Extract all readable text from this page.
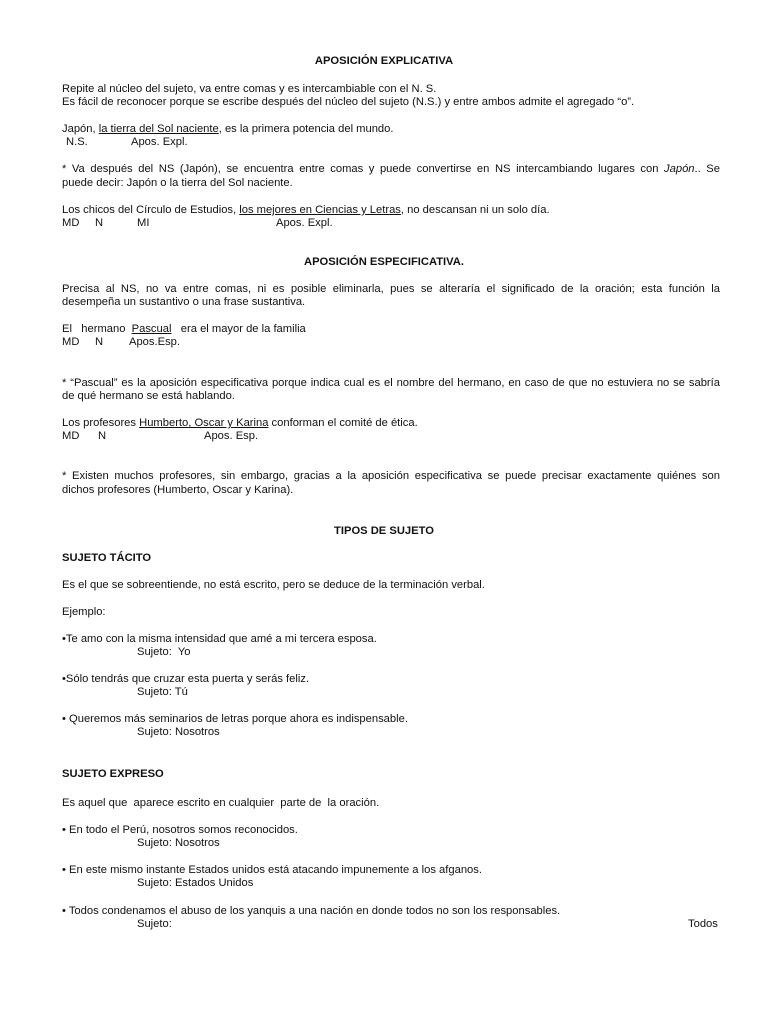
APOSICIÓN EXPLICATIVA
Repite al núcleo del sujeto, va entre comas y es intercambiable con el N. S.
Es fácil de reconocer porque se escribe después del núcleo del sujeto (N.S.) y entre ambos admite el agregado “o”.
Japón, la tierra del Sol naciente, es la primera potencia del mundo.
N.S.	Apos. Expl.
* Va después del NS (Japón), se encuentra entre comas y puede convertirse en NS intercambiando lugares con Japón.. Se
puede decir: Japón o la tierra del Sol naciente.
Los chicos del Círculo de Estudios, los mejores en Ciencias y Letras, no descansan ni un solo día.
MD N	MI	Apos. Expl.
APOSICIÓN ESPECIFICATIVA.
Precisa al NS, no va entre comas, ni es posible eliminarla, pues se alteraría el significado de la oración; esta función la
desempeña un sustantivo o una frase sustantiva.
El   hermano  Pascual   era el mayor de la familia
MD N Apos.Esp.
* “Pascual” es la aposición especificativa porque indica cual es el nombre del hermano, en caso de que no estuviera no se sabría
de qué hermano se está hablando.
Los profesores Humberto, Oscar y Karina conforman el comité de ética.
MD N	Apos. Esp.
* Existen muchos profesores, sin embargo, gracias a la aposición especificativa se puede precisar exactamente quiénes son
dichos profesores (Humberto, Oscar y Karina).
TIPOS DE SUJETO
SUJETO TÁCITO
Es el que se sobreentiende, no está escrito, pero se deduce de la terminación verbal.
Ejemplo:
•Te amo con la misma intensidad que amé a mi tercera esposa.
Sujeto:  Yo
•Sólo tendrás que cruzar esta puerta y serás feliz.
Sujeto: Tú
• Queremos más seminarios de letras porque ahora es indispensable.
Sujeto: Nosotros
SUJETO EXPRESO
Es aquel que  aparece escrito en cualquier  parte de  la oración.
• En todo el Perú, nosotros somos reconocidos.
Sujeto: Nosotros
• En este mismo instante Estados unidos está atacando impunemente a los afganos.
Sujeto: Estados Unidos
• Todos condenamos el abuso de los yanquis a una nación en donde todos no son los responsables.
Sujeto:	Todos
